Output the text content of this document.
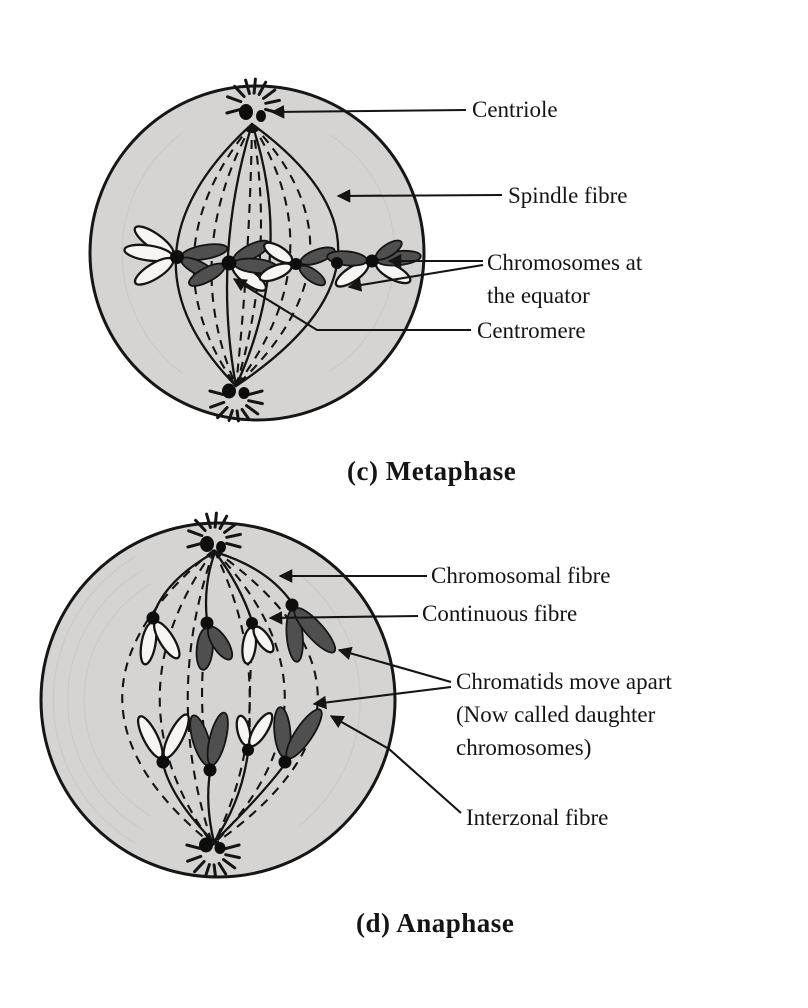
Centriole
Spindle fibre
Chromosomes at
the equator
Centromere
(c) Metaphase
Chromosomal fibre
Continuous fibre
Chromatids move apart
(Now called daughter
chromosomes)
Interzonal fibre
(d) Anaphase
